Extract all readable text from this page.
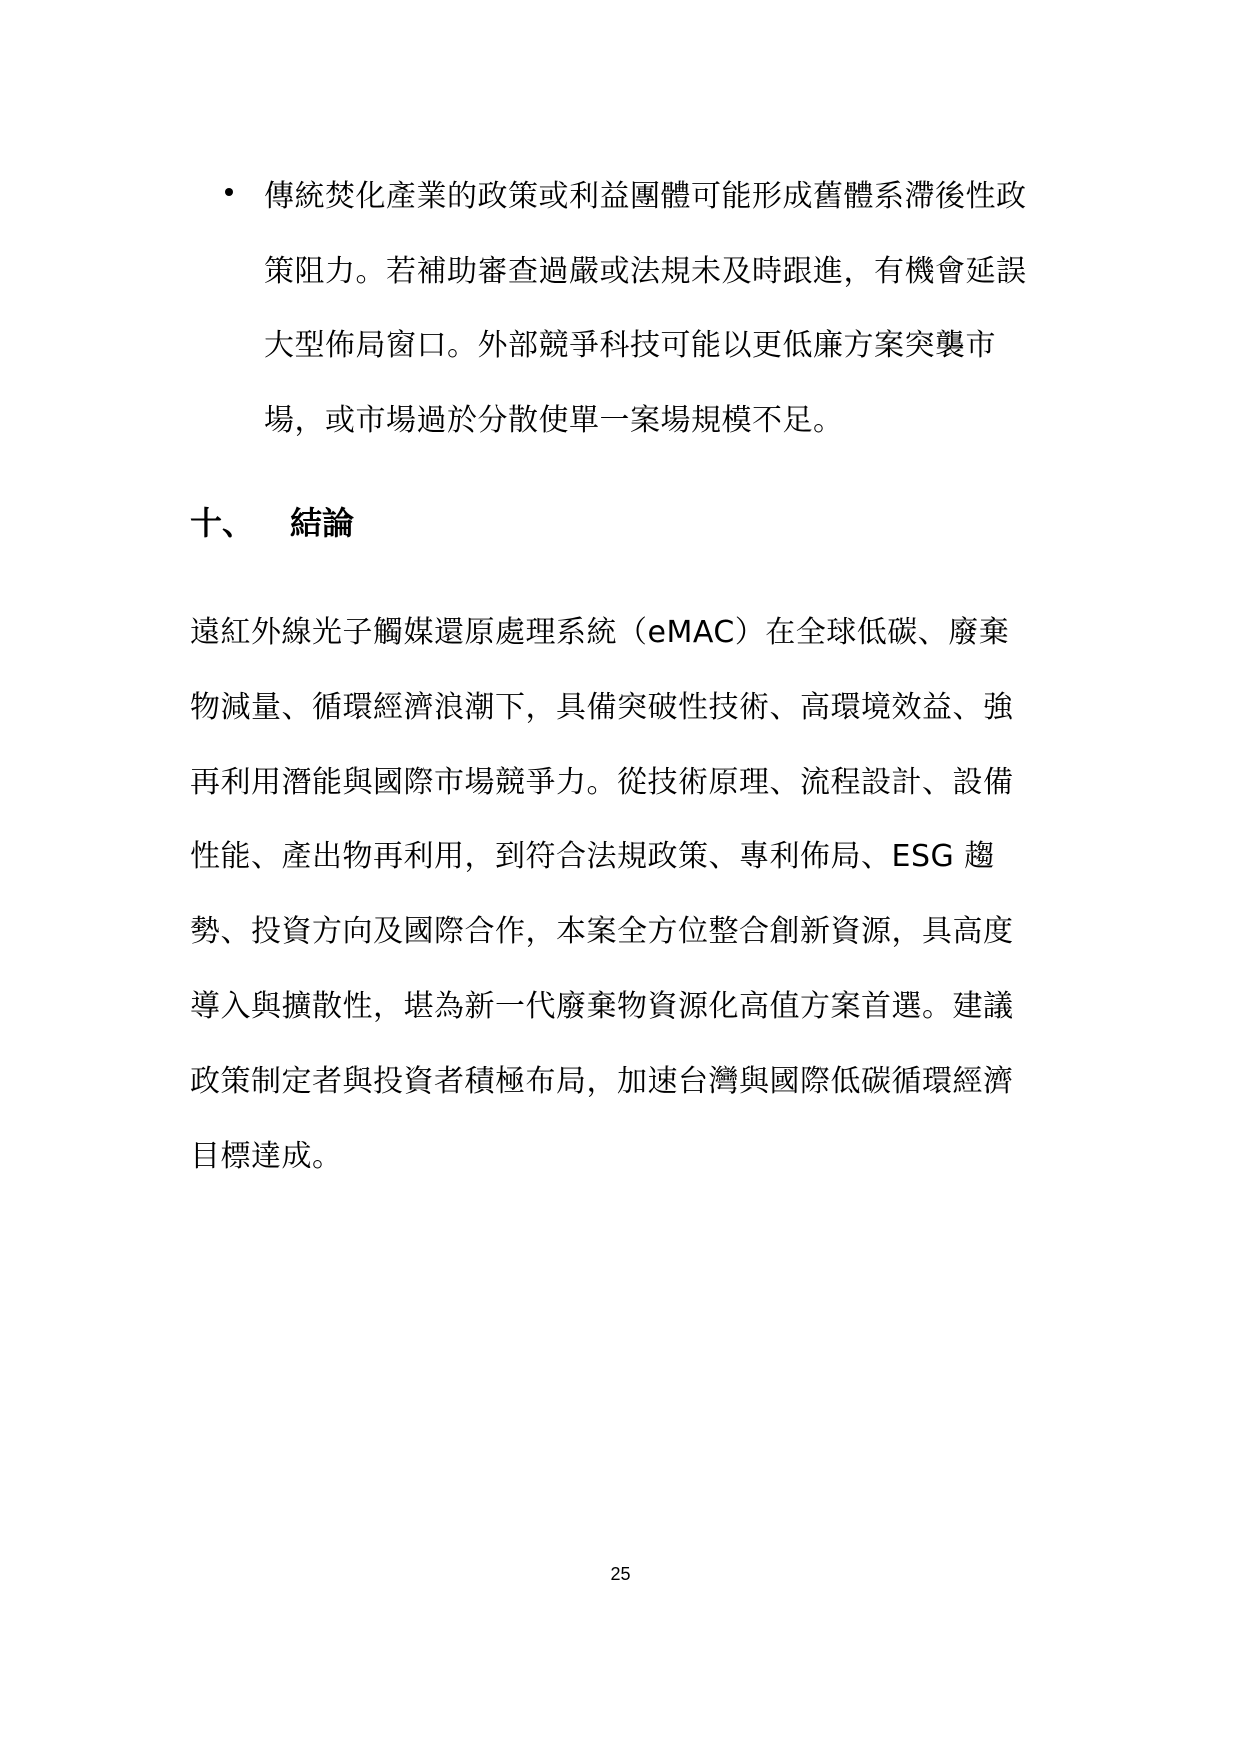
傳統焚化產業的政策或利益團體可能形成舊體系滯後性政
策阻力。若補助審查過嚴或法規未及時跟進，有機會延誤
大型佈局窗口。外部競爭科技可能以更低廉方案突襲市
場，或市場過於分散使單一案場規模不足。
十、 結論
遠紅外線光子觸媒還原處理系統（eMAC）在全球低碳、廢棄
物減量、循環經濟浪潮下，具備突破性技術、高環境效益、強
再利用潛能與國際市場競爭力。從技術原理、流程設計、設備
性能、產出物再利用，到符合法規政策、專利佈局、ESG 趨
勢、投資方向及國際合作，本案全方位整合創新資源，具高度
導入與擴散性，堪為新一代廢棄物資源化高值方案首選。建議
政策制定者與投資者積極布局，加速台灣與國際低碳循環經濟
目標達成。
25
